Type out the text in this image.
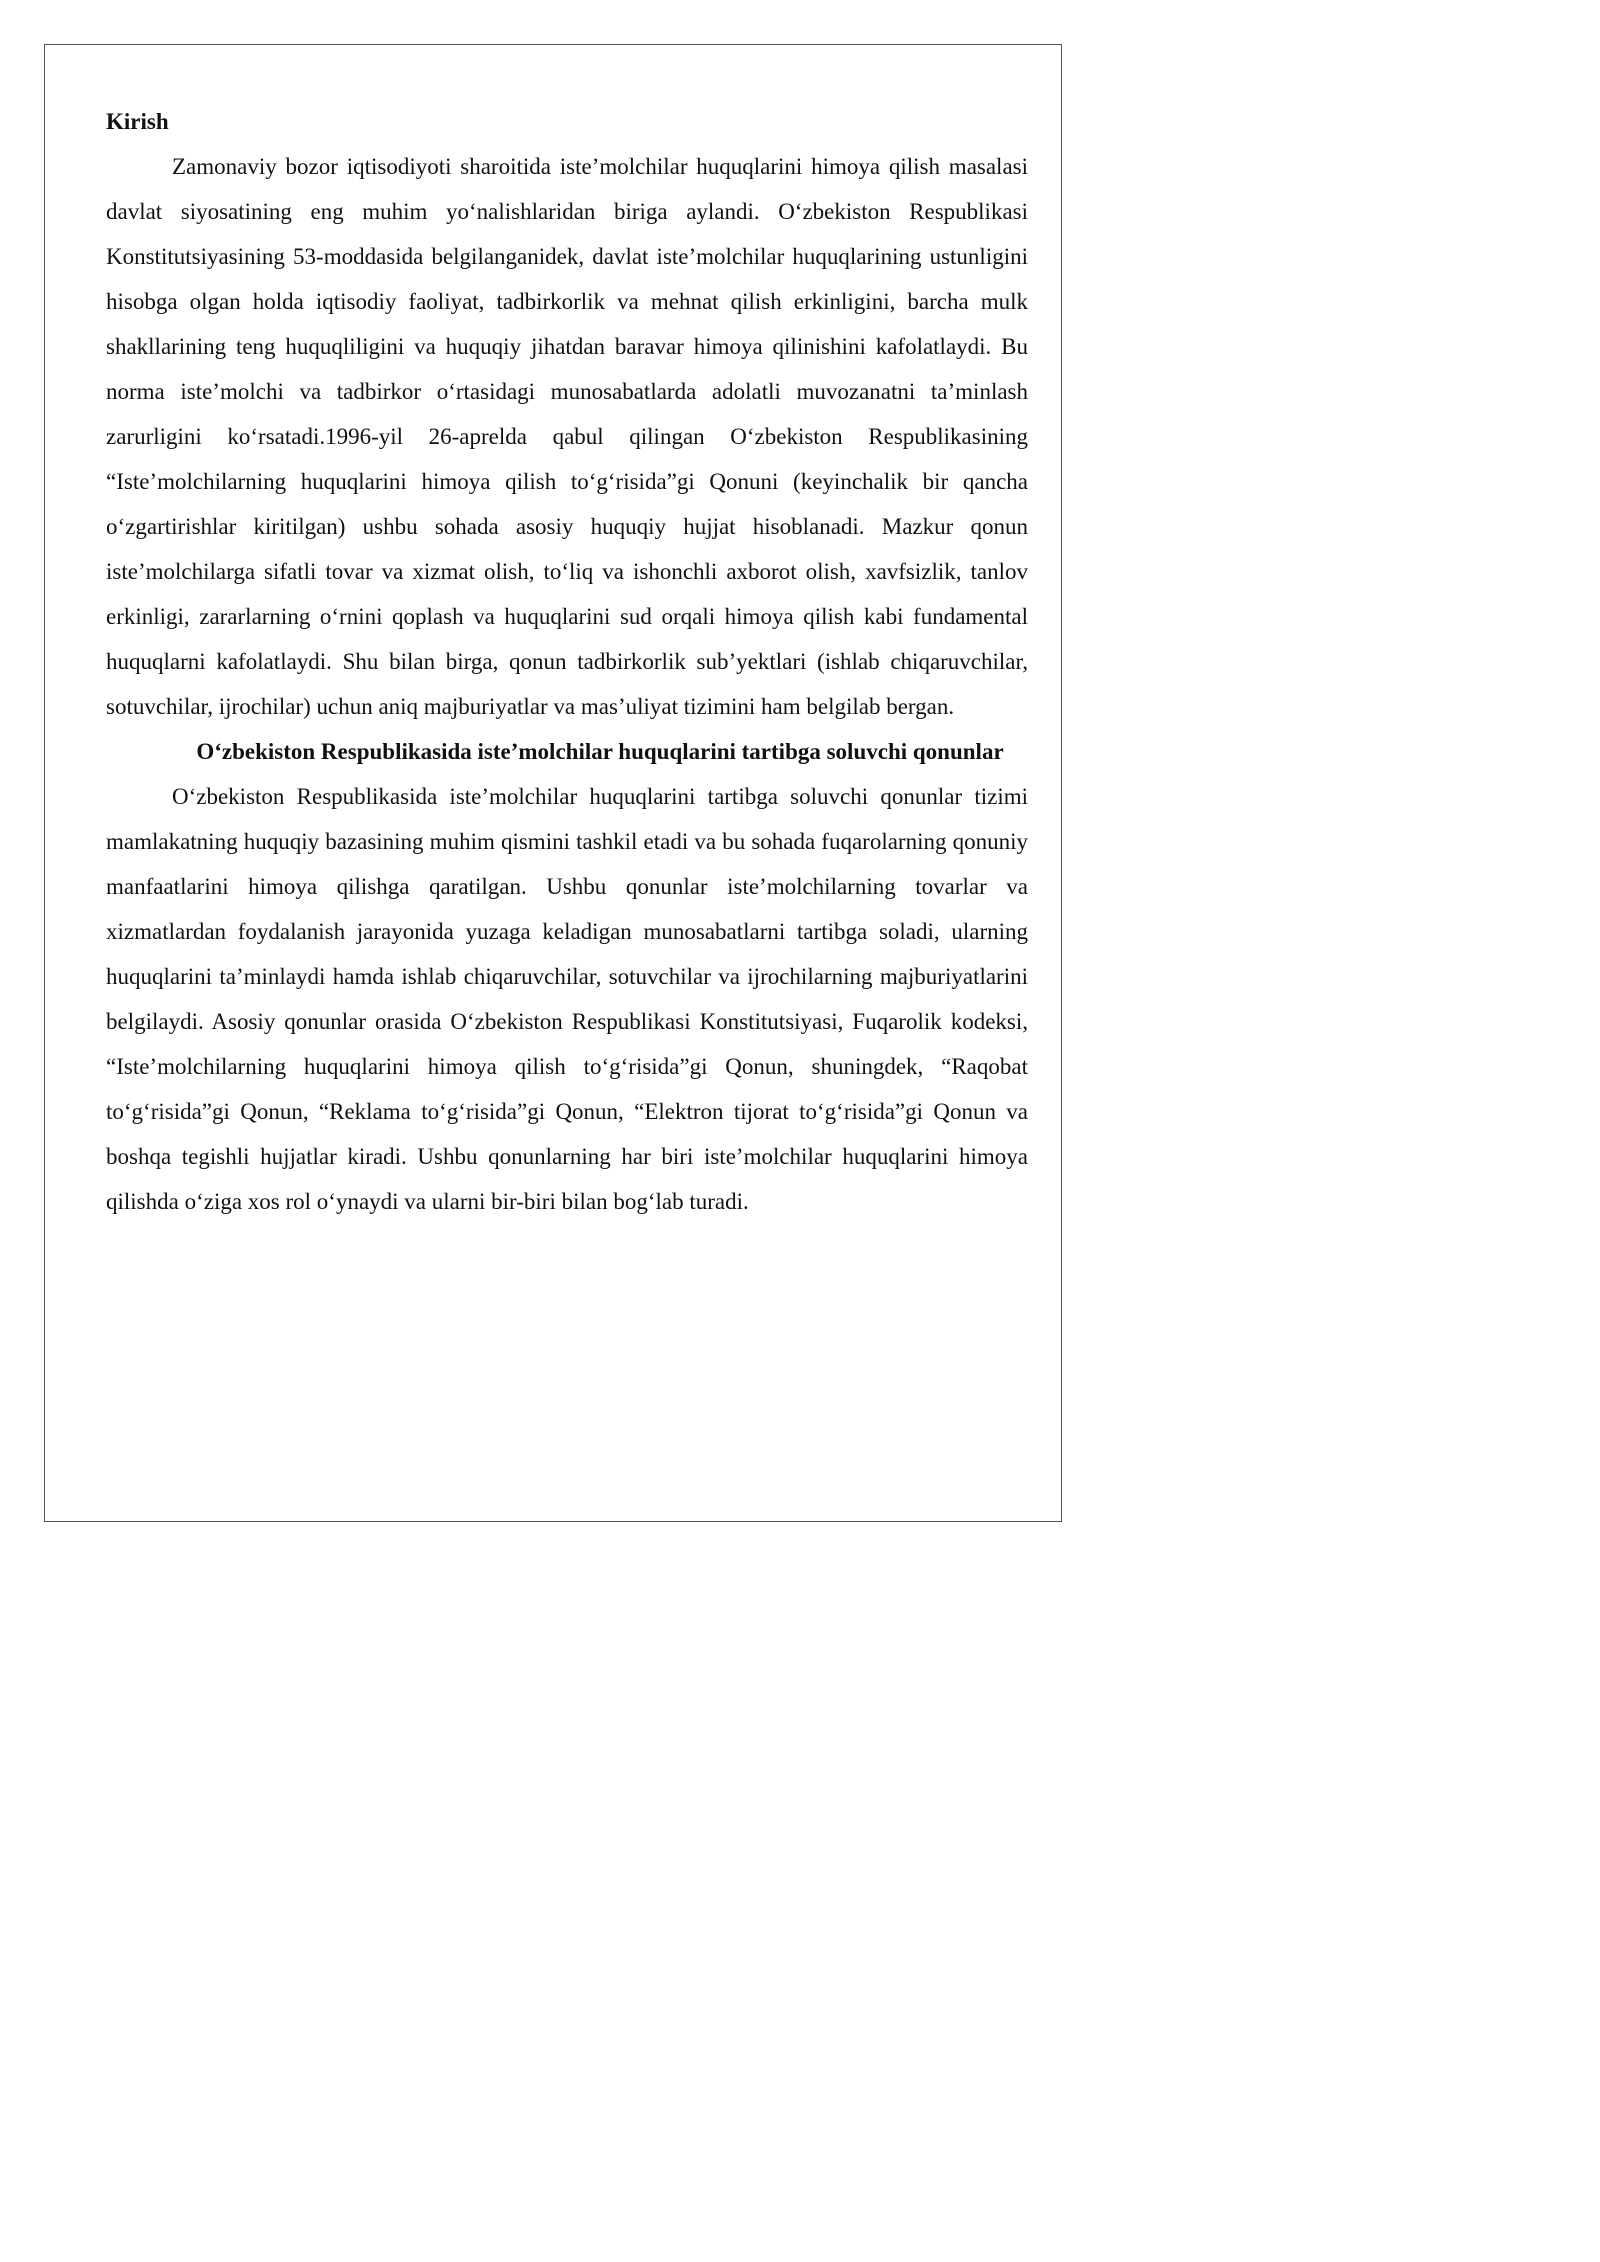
Kirish

Zamonaviy bozor iqtisodiyoti sharoitida iste’molchilar huquqlarini himoya qilish masalasi davlat siyosatining eng muhim yo‘nalishlaridan biriga aylandi. O‘zbekiston Respublikasi Konstitutsiyasining 53-moddasida belgilanganidek, davlat iste’molchilar huquqlarining ustunligini hisobga olgan holda iqtisodiy faoliyat, tadbirkorlik va mehnat qilish erkinligini, barcha mulk shakllarining teng huquqliligini va huquqiy jihatdan baravar himoya qilinishini kafolatlaydi. Bu norma iste’molchi va tadbirkor o‘rtasidagi munosabatlarda adolatli muvozanatni ta’minlash zarurligini ko‘rsatadi.1996-yil 26-aprelda qabul qilingan O‘zbekiston Respublikasining “Iste’molchilarning huquqlarini himoya qilish to‘g‘risida”gi Qonuni (keyinchalik bir qancha o‘zgartirishlar kiritilgan) ushbu sohada asosiy huquqiy hujjat hisoblanadi. Mazkur qonun iste’molchilarga sifatli tovar va xizmat olish, to‘liq va ishonchli axborot olish, xavfsizlik, tanlov erkinligi, zararlarning o‘rnini qoplash va huquqlarini sud orqali himoya qilish kabi fundamental huquqlarni kafolatlaydi. Shu bilan birga, qonun tadbirkorlik sub’yektlari (ishlab chiqaruvchilar, sotuvchilar, ijrochilar) uchun aniq majburiyatlar va mas’uliyat tizimini ham belgilab bergan.

O‘zbekiston Respublikasida iste’molchilar huquqlarini tartibga soluvchi qonunlar

O‘zbekiston Respublikasida iste’molchilar huquqlarini tartibga soluvchi qonunlar tizimi mamlakatning huquqiy bazasining muhim qismini tashkil etadi va bu sohada fuqarolarning qonuniy manfaatlarini himoya qilishga qaratilgan. Ushbu qonunlar iste’molchilarning tovarlar va xizmatlardan foydalanish jarayonida yuzaga keladigan munosabatlarni tartibga soladi, ularning huquqlarini ta’minlaydi hamda ishlab chiqaruvchilar, sotuvchilar va ijrochilarning majburiyatlarini belgilaydi. Asosiy qonunlar orasida O‘zbekiston Respublikasi Konstitutsiyasi, Fuqarolik kodeksi, “Iste’molchilarning huquqlarini himoya qilish to‘g‘risida”gi Qonun, shuningdek, “Raqobat to‘g‘risida”gi Qonun, “Reklama to‘g‘risida”gi Qonun, “Elektron tijorat to‘g‘risida”gi Qonun va boshqa tegishli hujjatlar kiradi. Ushbu qonunlarning har biri iste’molchilar huquqlarini himoya qilishda o‘ziga xos rol o‘ynaydi va ularni bir-biri bilan bog‘lab turadi.
